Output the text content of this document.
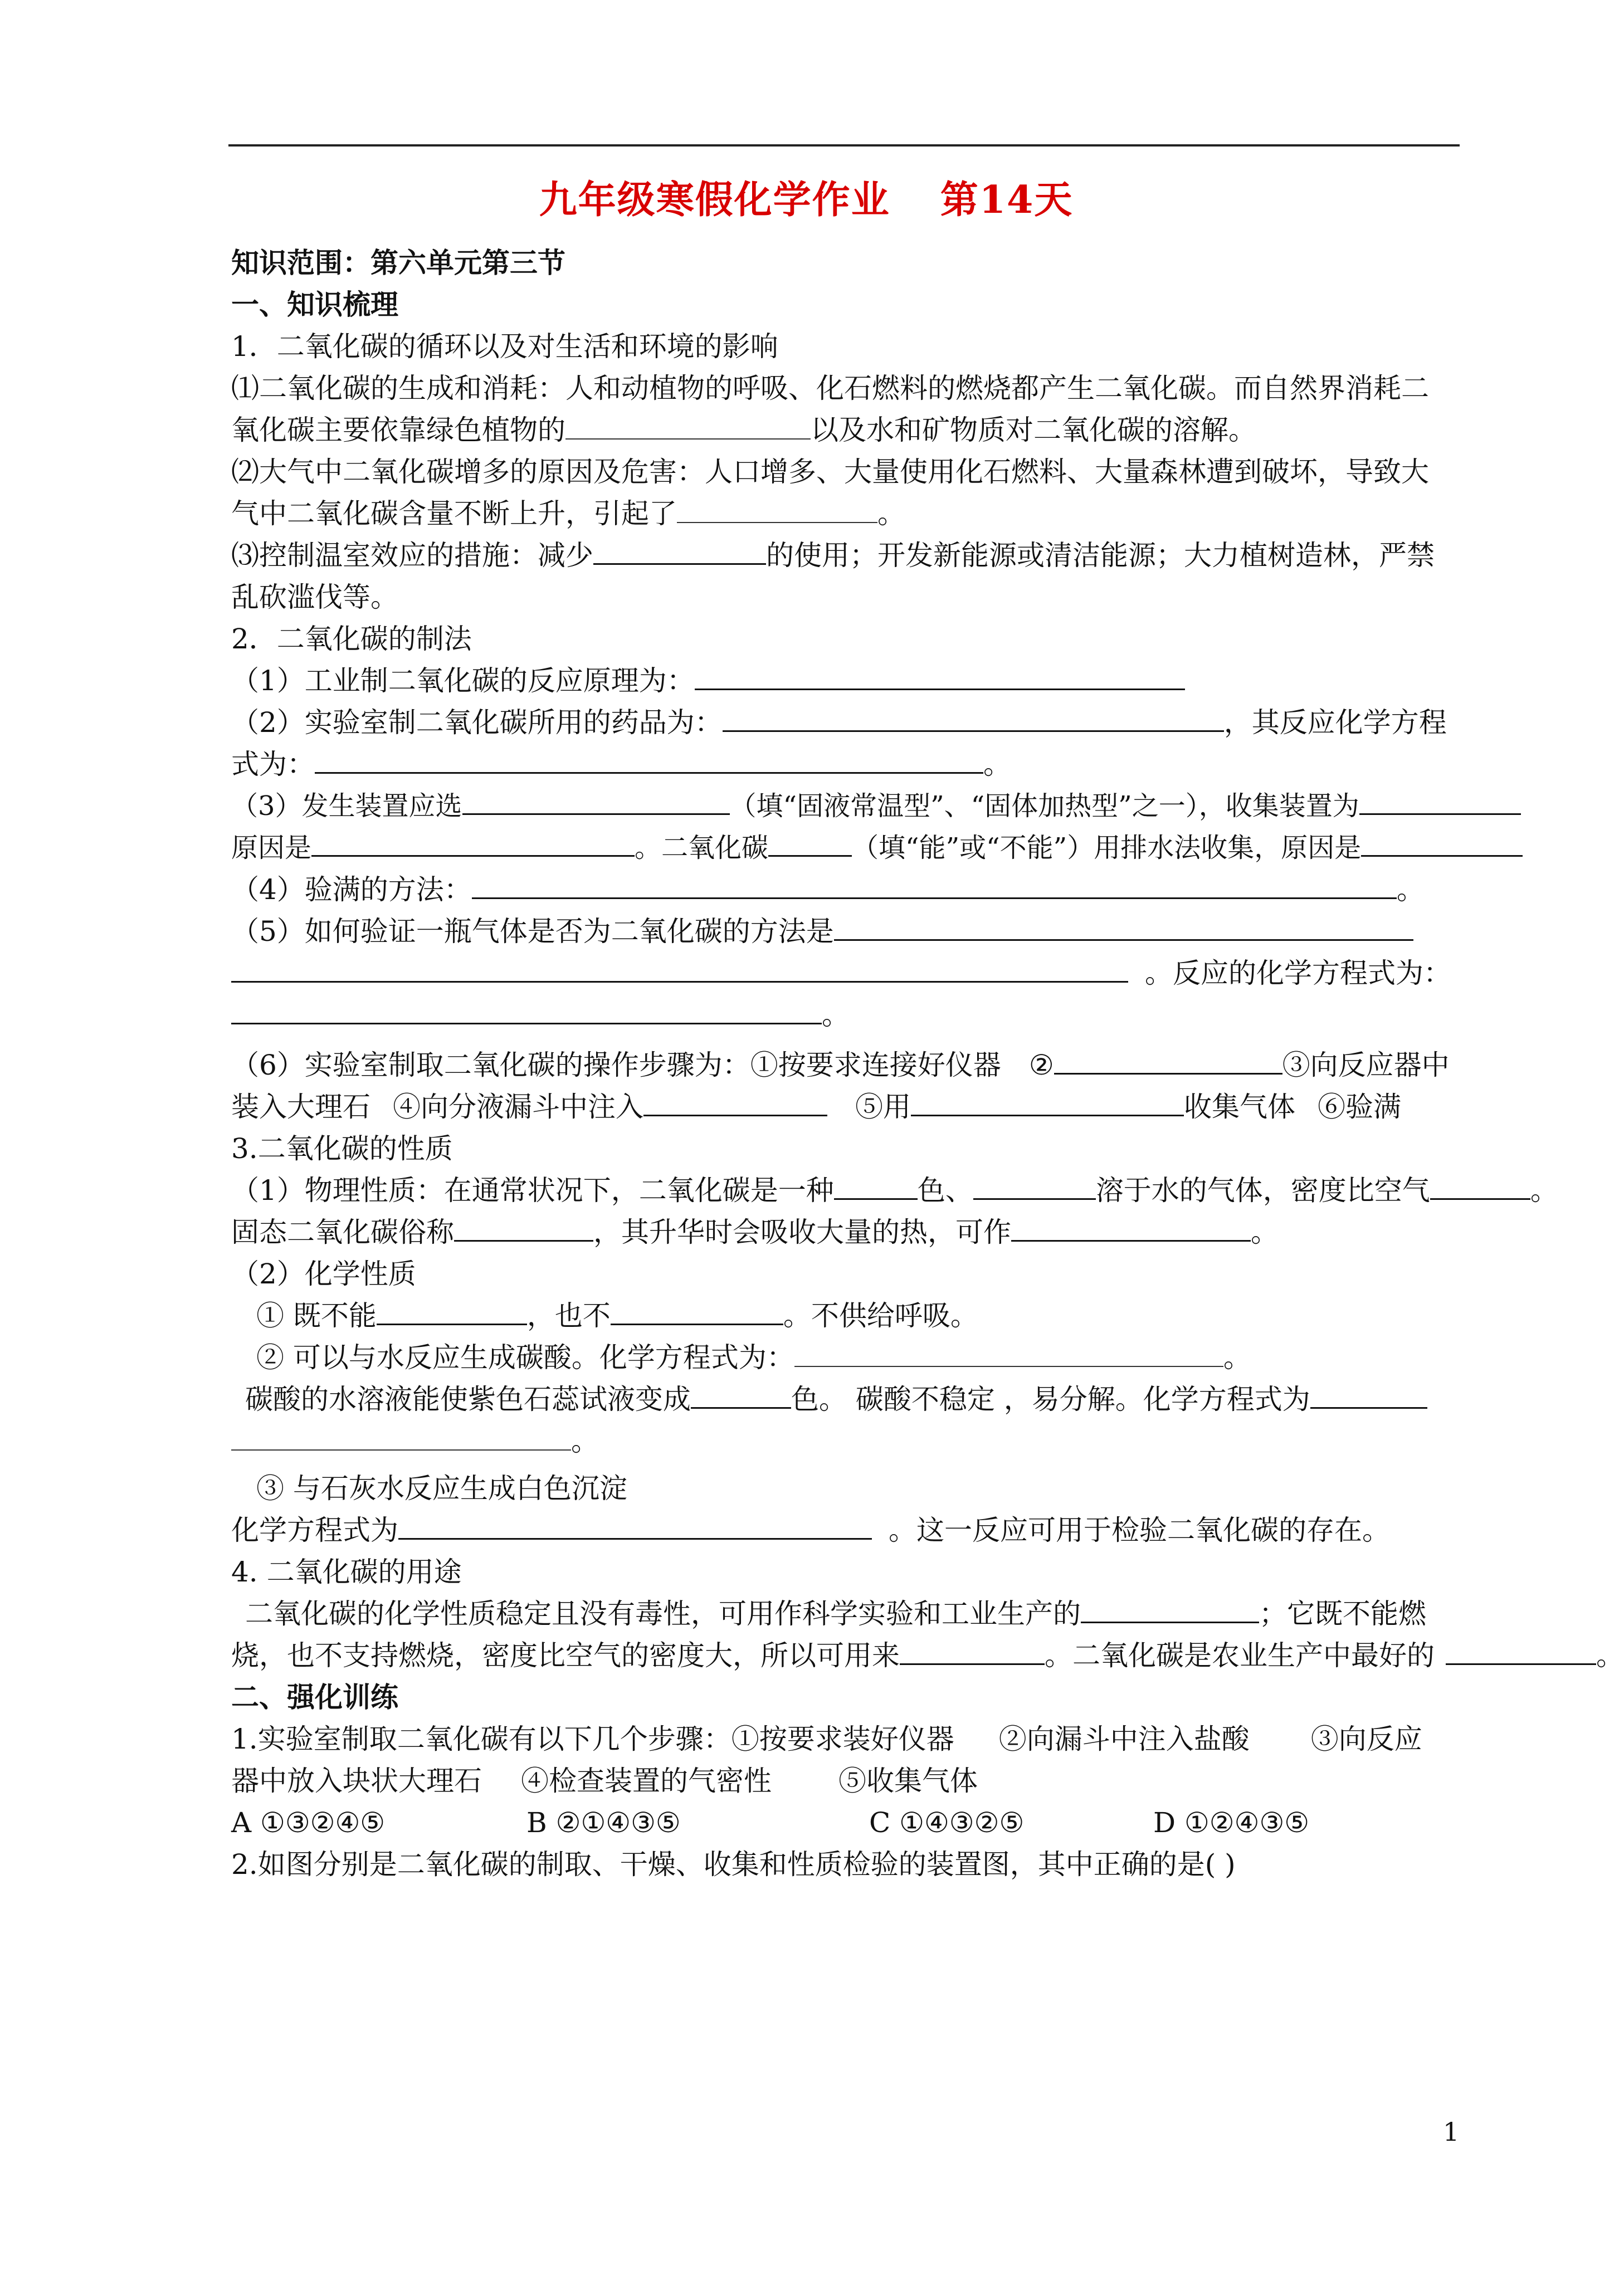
九年级寒假化学作业 第14天
知识范围：第六单元第三节
一、知识梳理
1．二氧化碳的循环以及对生活和环境的影响
⑴二氧化碳的生成和消耗：人和动植物的呼吸、化石燃料的燃烧都产生二氧化碳。而自然界消耗二
氧化碳主要依靠绿色植物的	以及水和矿物质对二氧化碳的溶解。
⑵大气中二氧化碳增多的原因及危害：人口增多、大量使用化石燃料、大量森林遭到破坏，导致大
气中二氧化碳含量不断上升，引起了	。
⑶控制温室效应的措施：减少	的使用；开发新能源或清洁能源；大力植树造林，严禁
乱砍滥伐等。
2．二氧化碳的制法
（1）工业制二氧化碳的反应原理为：
（2）实验室制二氧化碳所用的药品为：	，其反应化学方程
式为：	。
（3）发生装置应选	（填“固液常温型”、“固体加热型”之一），收集装置为
原因是	。二氧化碳	（填“能”或“不能”）用排水法收集，原因是
（4）验满的方法：	。
（5）如何验证一瓶气体是否为二氧化碳的方法是
。反应的化学方程式为：
。
（6）实验室制取二氧化碳的操作步骤为：①按要求连接好仪器 ②	③向反应器中
装入大理石 ④向分液漏斗中注入	⑤用	收集气体 ⑥验满
3.二氧化碳的性质
（1）物理性质：在通常状况下，二氧化碳是一种	色、	溶于水的气体，密度比空气	。
固态二氧化碳俗称	，其升华时会吸收大量的热，可作	。
（2）化学性质
① 既不能	，也不	。不供给呼吸。
② 可以与水反应生成碳酸。化学方程式为：	。
碳酸的水溶液能使紫色石蕊试液变成	色。 碳酸不稳定 ，易分解。化学方程式为
。
③ 与石灰水反应生成白色沉淀
化学方程式为	。这一反应可用于检验二氧化碳的存在。
4. 二氧化碳的用途
二氧化碳的化学性质稳定且没有毒性，可用作科学实验和工业生产的	；它既不能燃
烧，也不支持燃烧，密度比空气的密度大，所以可用来	。二氧化碳是农业生产中最好的	。
二、强化训练
1.实验室制取二氧化碳有以下几个步骤：①按要求装好仪器 ②向漏斗中注入盐酸 ③向反应
器中放入块状大理石 ④检查装置的气密性 ⑤收集气体
A ①③②④⑤	B ②①④③⑤	C ①④③②⑤	D ①②④③⑤
2.如图分别是二氧化碳的制取、干燥、收集和性质检验的装置图，其中正确的是( )
1
